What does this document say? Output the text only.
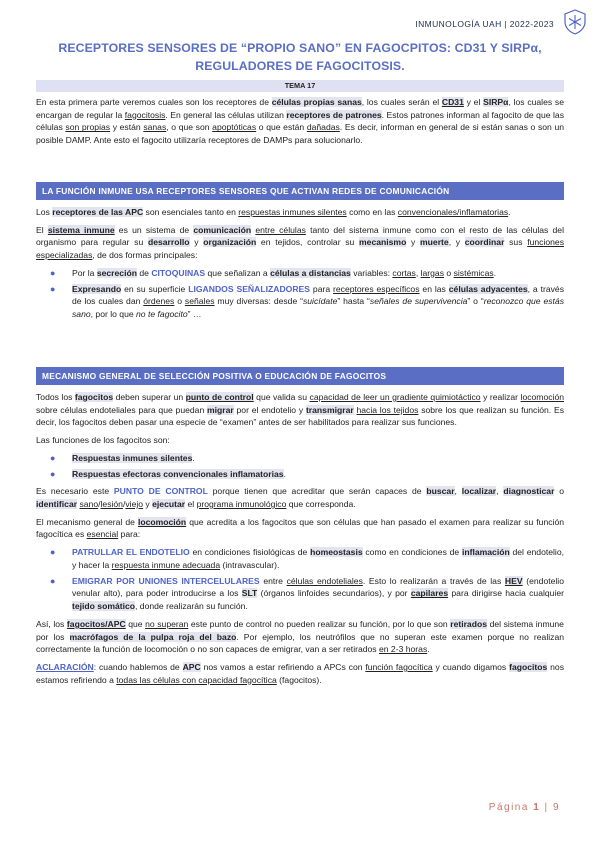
INMUNOLOGÍA UAH | 2022-2023
RECEPTORES SENSORES DE “PROPIO SANO” EN FAGOCPITOS: CD31 Y SIRPα,
REGULADORES DE FAGOCITOSIS.
TEMA 17

En esta primera parte veremos cuales son los receptores de células propias sanas, los cuales serán el CD31 y el SIRPα, los cuales se encargan de regular la fagocitosis. En general las células utilizan receptores de patrones. Estos patrones informan al fagocito de que las células son propias y están sanas, o que son apoptóticas o que están dañadas. Es decir, informan en general de si están sanas o son un posible DAMP. Ante esto el fagocito utilizaría receptores de DAMPs para solucionarlo.

LA FUNCIÓN INMUNE USA RECEPTORES SENSORES QUE ACTIVAN REDES DE COMUNICACIÓN

Los receptores de las APC son esenciales tanto en respuestas inmunes silentes como en las convencionales/inflamatorias.

El sistema inmune es un sistema de comunicación entre células tanto del sistema inmune como con el resto de las células del organismo para regular su desarrollo y organización en tejidos, controlar su mecanismo y muerte, y coordinar sus funciones especializadas, de dos formas principales:

● Por la secreción de CITOQUINAS que señalizan a células a distancias variables: cortas, largas o sistémicas.
● Expresando en su superficie LIGANDOS SEÑALIZADORES para receptores específicos en las células adyacentes, a través de los cuales dan órdenes o señales muy diversas: desde “suicídate” hasta “señales de supervivencia” o “reconozco que estás sano, por lo que no te fagocito” …
MECANISMO GENERAL DE SELECCIÓN POSITIVA O EDUCACIÓN DE FAGOCITOS

Todos los fagocitos deben superar un punto de control que valida su capacidad de leer un gradiente quimiotáctico y realizar locomoción sobre células endoteliales para que puedan migrar por el endotelio y transmigrar hacia los tejidos sobre los que realizan su función. Es decir, los fagocitos deben pasar una especie de “examen” antes de ser habilitados para realizar sus funciones.

Las funciones de los fagocitos son:

● Respuestas inmunes silentes.
● Respuestas efectoras convencionales inflamatorias.

Es necesario este PUNTO DE CONTROL porque tienen que acreditar que serán capaces de buscar, localizar, diagnosticar o identificar sano/lesión/viejo y ejecutar el programa inmunológico que corresponda.

El mecanismo general de locomoción que acredita a los fagocitos que son células que han pasado el examen para realizar su función fagocítica es esencial para:

● PATRULLAR EL ENDOTELIO en condiciones fisiológicas de homeostasis como en condiciones de inflamación del endotelio, y hacer la respuesta inmune adecuada (intravascular).
● EMIGRAR POR UNIONES INTERCELULARES entre células endoteliales. Esto lo realizarán a través de las HEV (endotelio venular alto), para poder introducirse a los SLT (órganos linfoides secundarios), y por capilares para dirigirse hacia cualquier tejido somático, donde realizarán su función.

Así, los fagocitos/APC que no superan este punto de control no pueden realizar su función, por lo que son retirados del sistema inmune por los macrófagos de la pulpa roja del bazo. Por ejemplo, los neutrófilos que no superan este examen porque no realizan correctamente la función de locomoción o no son capaces de emigrar, van a ser retirados en 2-3 horas.

ACLARACIÓN: cuando hablemos de APC nos vamos a estar refiriendo a APCs con función fagocítica y cuando digamos fagocitos nos estamos refiriendo a todas las células con capacidad fagocítica (fagocitos).

Página 1 | 9
